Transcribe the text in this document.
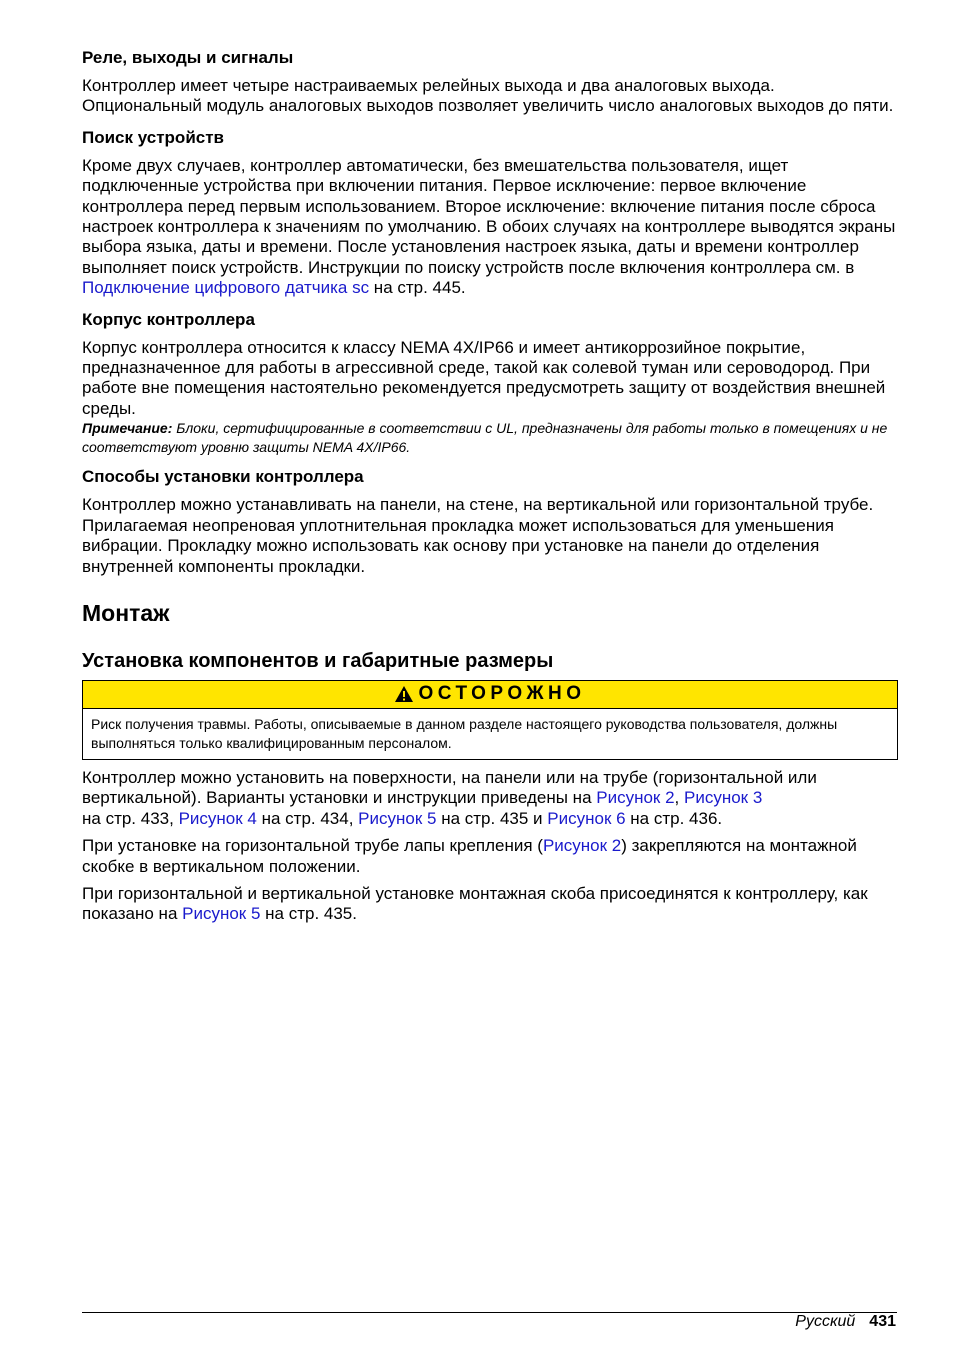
Реле, выходы и сигналы

Контроллер имеет четыре настраиваемых релейных выхода и два аналоговых выхода. Опциональный модуль аналоговых выходов позволяет увеличить число аналоговых выходов до пяти.

Поиск устройств

Кроме двух случаев, контроллер автоматически, без вмешательства пользователя, ищет подключенные устройства при включении питания. Первое исключение: первое включение контроллера перед первым использованием. Второе исключение: включение питания после сброса настроек контроллера к значениям по умолчанию. В обоих случаях на контроллере выводятся экраны выбора языка, даты и времени. После установления настроек языка, даты и времени контроллер выполняет поиск устройств. Инструкции по поиску устройств после включения контроллера см. в Подключение цифрового датчика sc на стр. 445.

Корпус контроллера

Корпус контроллера относится к классу NEMA 4X/IP66 и имеет антикоррозийное покрытие, предназначенное для работы в агрессивной среде, такой как солевой туман или сероводород. При работе вне помещения настоятельно рекомендуется предусмотреть защиту от воздействия внешней среды.

Примечание: Блоки, сертифицированные в соответствии с UL, предназначены для работы только в помещениях и не соответствуют уровню защиты NEMA 4X/IP66.

Способы установки контроллера

Контроллер можно устанавливать на панели, на стене, на вертикальной или горизонтальной трубе. Прилагаемая неопреновая уплотнительная прокладка может использоваться для уменьшения вибрации. Прокладку можно использовать как основу при установке на панели до отделения внутренней компоненты прокладки.

Монтаж
Установка компонентов и габаритные размеры
ОСТОРОЖНО
Риск получения травмы. Работы, описываемые в данном разделе настоящего руководства пользователя, должны выполняться только квалифицированным персоналом.

Контроллер можно установить на поверхности, на панели или на трубе (горизонтальной или вертикальной). Варианты установки и инструкции приведены на Рисунок 2, Рисунок 3
на стр. 433, Рисунок 4 на стр. 434, Рисунок 5 на стр. 435 и Рисунок 6 на стр. 436.

При установке на горизонтальной трубе лапы крепления (Рисунок 2) закрепляются на монтажной скобке в вертикальном положении.

При горизонтальной и вертикальной установке монтажная скоба присоединятся к контроллеру, как показано на Рисунок 5 на стр. 435.

Русский 431
